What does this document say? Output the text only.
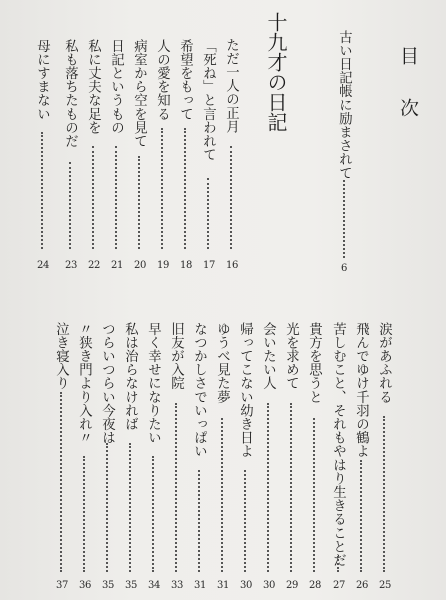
目
次
古い日記帳に励まされて
6
十九才の日記
ただ一人の正月
16
「死ね」と言われて
17
希望をもって
18
人の愛を知る
19
病室から空を見て
20
日記というもの
21
私に丈夫な足を
22
私も落ちたものだ
23
母にすまない
24
涙があふれる
25
飛んでゆけ千羽の鶴よ
26
苦しむこと、それもやはり生きることだ
27
貴方を思うと
28
光を求めて
29
会いたい人
30
帰ってこない幼き日よ
30
ゆうべ見た夢
31
なつかしさでいっぱい
31
旧友が入院
33
早く幸せになりたい
34
私は治らなければ
35
つらいつらい今夜は
35
〃狭き門より入れ〃
36
泣き寝入り
37
